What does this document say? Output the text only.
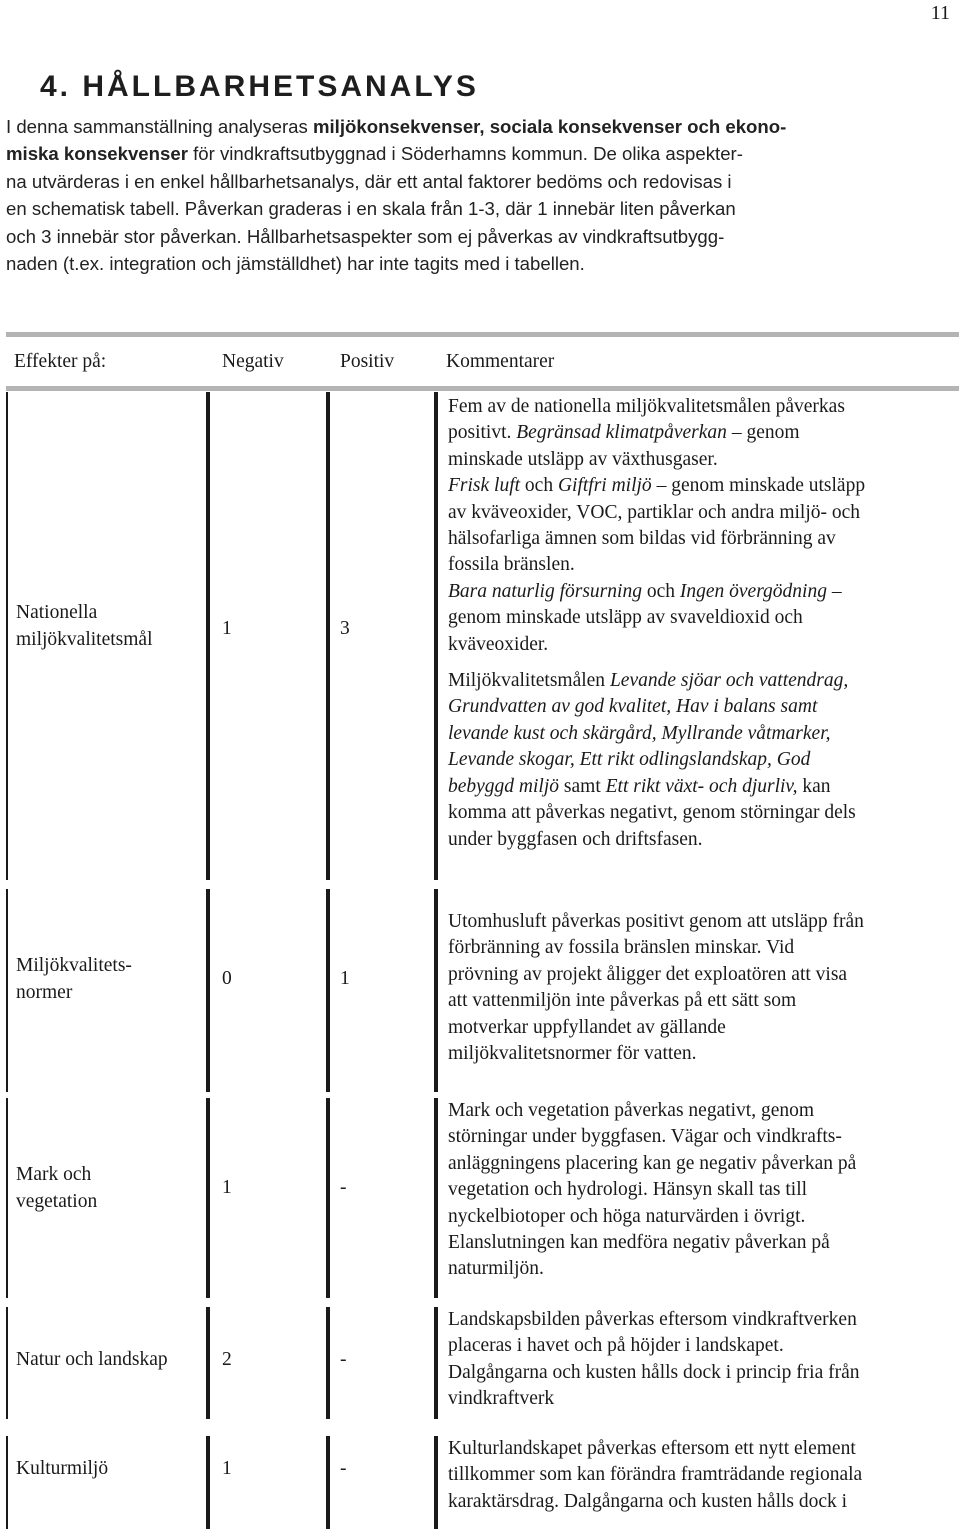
11
4. HÅLLBARHETSANALYS

I denna sammanställning analyseras miljökonsekvenser, sociala konsekvenser och ekono-

miska konsekvenser för vindkraftsutbyggnad i Söderhamns kommun. De olika aspekter-

na utvärderas i en enkel hållbarhetsanalys, där ett antal faktorer bedöms och redovisas i

en schematisk tabell. Påverkan graderas i en skala från 1-3, där 1 innebär liten påverkan

och 3 innebär stor påverkan. Hållbarhetsaspekter som ej påverkas av vindkraftsutbygg-

naden (t.ex. integration och jämställdhet) har inte tagits med i tabellen.

Effekter på:	Negativ	Positiv	Kommentarer
Nationella
miljökvalitetsmål	1	3

Fem av de nationella miljökvalitetsmålen påverkas

positivt. Begränsad klimatpåverkan – genom

minskade utsläpp av växthusgaser.

Frisk luft och Giftfri miljö – genom minskade utsläpp

av kväveoxider, VOC, partiklar och andra miljö- och

hälsofarliga ämnen som bildas vid förbränning av

fossila bränslen.

Bara naturlig försurning och Ingen övergödning –

genom minskade utsläpp av svaveldioxid och

kväveoxider.

Miljökvalitetsmålen Levande sjöar och vattendrag,

Grundvatten av god kvalitet, Hav i balans samt

levande kust och skärgård, Myllrande våtmarker,

Levande skogar, Ett rikt odlingslandskap, God

bebyggd miljö samt Ett rikt växt- och djurliv, kan

komma att påverkas negativt, genom störningar dels

under byggfasen och driftsfasen.

Miljökvalitets-
normer
0	1

Utomhusluft påverkas positivt genom att utsläpp från

förbränning av fossila bränslen minskar. Vid

prövning av projekt åligger det exploatören att visa

att vattenmiljön inte påverkas på ett sätt som

motverkar uppfyllandet av gällande

miljökvalitetsnormer för vatten.

Mark och
vegetation
1	-

Mark och vegetation påverkas negativt, genom

störningar under byggfasen. Vägar och vindkrafts-

anläggningens placering kan ge negativ påverkan på

vegetation och hydrologi. Hänsyn skall tas till

nyckelbiotoper och höga naturvärden i övrigt.

Elanslutningen kan medföra negativ påverkan på

naturmiljön.

Natur och landskap	2	-

Landskapsbilden påverkas eftersom vindkraftverken

placeras i havet och på höjder i landskapet.

Dalgångarna och kusten hålls dock i princip fria från

vindkraftverk

Kulturmiljö	1	-

Kulturlandskapet påverkas eftersom ett nytt element

tillkommer som kan förändra framträdande regionala

karaktärsdrag. Dalgångarna och kusten hålls dock i
